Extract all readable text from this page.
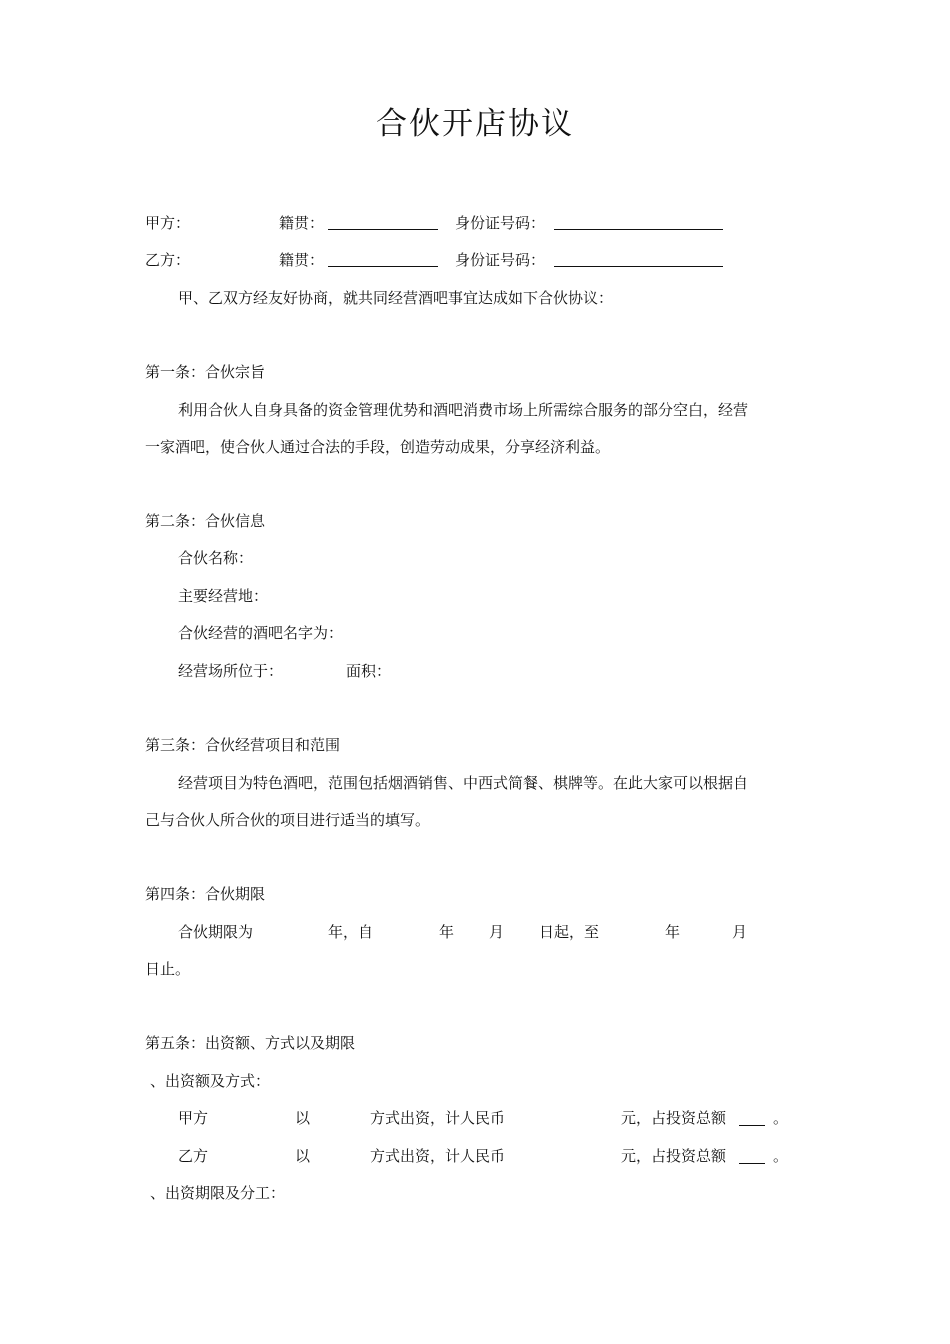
合伙开店协议
甲方：	籍贯：	身份证号码：
乙方：	籍贯：	身份证号码：
甲、乙双方经友好协商，就共同经营酒吧事宜达成如下合伙协议：
第一条：合伙宗旨
利用合伙人自身具备的资金管理优势和酒吧消费市场上所需综合服务的部分空白，经营
一家酒吧，使合伙人通过合法的手段，创造劳动成果，分享经济利益。
第二条：合伙信息
合伙名称：
主要经营地：
合伙经营的酒吧名字为：
经营场所位于：	面积：
第三条：合伙经营项目和范围
经营项目为特色酒吧，范围包括烟酒销售、中西式简餐、棋牌等。在此大家可以根据自
己与合伙人所合伙的项目进行适当的填写。
第四条：合伙期限
合伙期限为	年，自	年 月 日起，至	年	月
日止。
第五条：出资额、方式以及期限
、出资额及方式：
甲方	以	方式出资，计人民币	元，占投资总额	。
乙方	以	方式出资，计人民币	元，占投资总额	。
、出资期限及分工：
